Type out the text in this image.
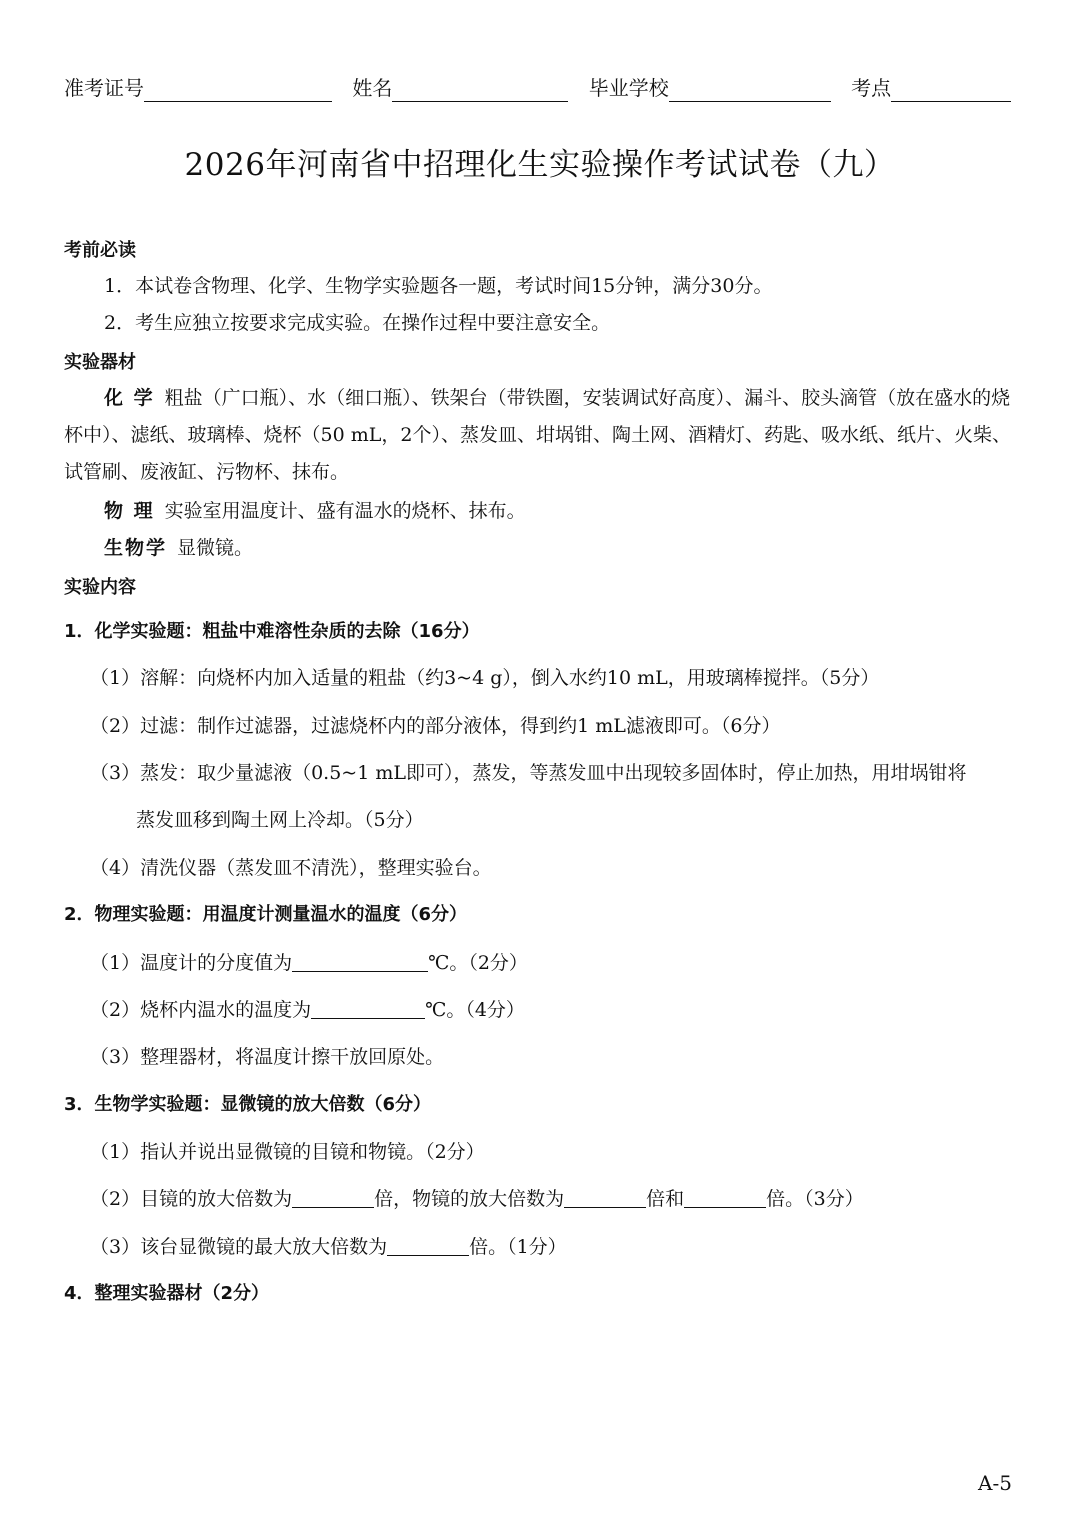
准考证号	姓名	毕业学校	考点
2026年河南省中招理化生实验操作考试试卷（九）
考前必读
1．本试卷含物理、化学、生物学实验题各一题，考试时间15分钟，满分30分。
2．考生应独立按要求完成实验。在操作过程中要注意安全。
实验器材
化 学 粗盐（广口瓶）、水（细口瓶）、铁架台（带铁圈，安装调试好高度）、漏斗、胶头滴管（放在盛水的烧杯中）、滤纸、玻璃棒、烧杯（50 mL，2个）、蒸发皿、坩埚钳、陶土网、酒精灯、药匙、吸水纸、纸片、火柴、试管刷、废液缸、污物杯、抹布。
物 理 实验室用温度计、盛有温水的烧杯、抹布。
生物学 显微镜。
实验内容
1．化学实验题：粗盐中难溶性杂质的去除（16分）
（1）溶解：向烧杯内加入适量的粗盐（约3~4 g），倒入水约10 mL，用玻璃棒搅拌。（5分）
（2）过滤：制作过滤器，过滤烧杯内的部分液体，得到约1 mL滤液即可。（6分）
（3）蒸发：取少量滤液（0.5~1 mL即可），蒸发，等蒸发皿中出现较多固体时，停止加热，用坩埚钳将
蒸发皿移到陶土网上冷却。（5分）
（4）清洗仪器（蒸发皿不清洗），整理实验台。
2．物理实验题：用温度计测量温水的温度（6分）
（1）温度计的分度值为	℃。（2分）
（2）烧杯内温水的温度为	℃。（4分）
（3）整理器材，将温度计擦干放回原处。
3．生物学实验题：显微镜的放大倍数（6分）
（1）指认并说出显微镜的目镜和物镜。（2分）
（2）目镜的放大倍数为	倍，物镜的放大倍数为	倍和	倍。（3分）
（3）该台显微镜的最大放大倍数为	倍。（1分）
4．整理实验器材（2分）
A-5
